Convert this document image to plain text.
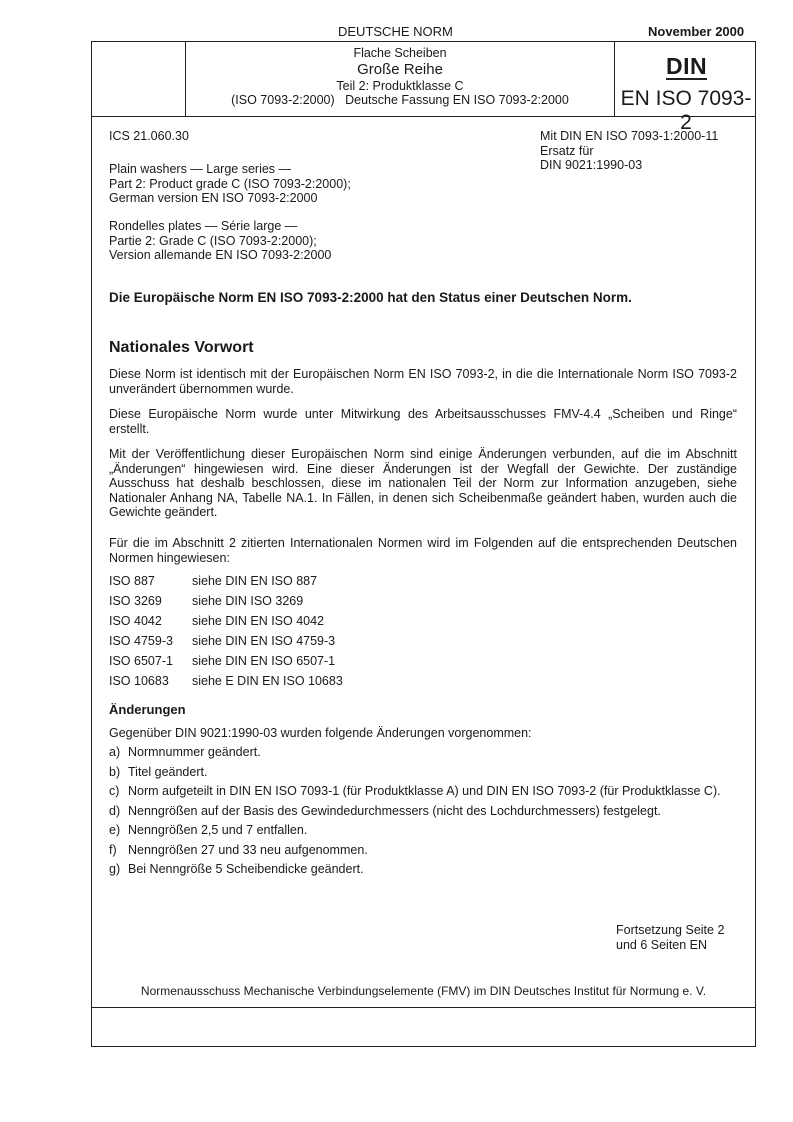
DEUTSCHE NORM	November 2000
Flache Scheiben
Große Reihe
Teil 2: Produktklasse C
(ISO 7093-2:2000)   Deutsche Fassung EN ISO 7093-2:2000
DIN
EN ISO 7093-2
ICS 21.060.30	Mit DIN EN ISO 7093-1:2000-11
Ersatz für
DIN 9021:1990-03
Plain washers — Large series —
Part 2: Product grade C (ISO 7093-2:2000);
German version EN ISO 7093-2:2000
Rondelles plates — Série large —
Partie 2: Grade C (ISO 7093-2:2000);
Version allemande EN ISO 7093-2:2000
Die Europäische Norm EN ISO 7093-2:2000 hat den Status einer Deutschen Norm.
Nationales Vorwort
Diese Norm ist identisch mit der Europäischen Norm EN ISO 7093-2, in die die Internationale Norm ISO 7093-2 unverändert übernommen wurde.
Diese Europäische Norm wurde unter Mitwirkung des Arbeitsausschusses FMV-4.4 „Scheiben und Ringe“ erstellt.
Mit der Veröffentlichung dieser Europäischen Norm sind einige Änderungen verbunden, auf die im Abschnitt „Änderungen“ hingewiesen wird. Eine dieser Änderungen ist der Wegfall der Gewichte. Der zuständige Ausschuss hat deshalb beschlossen, diese im nationalen Teil der Norm zur Information anzugeben, siehe Nationaler Anhang NA, Tabelle NA.1. In Fällen, in denen sich Scheibenmaße geändert haben, wurden auch die Gewichte geändert.
Für die im Abschnitt 2 zitierten Internationalen Normen wird im Folgenden auf die entsprechenden Deutschen Normen hingewiesen:
ISO 887	siehe DIN EN ISO 887
ISO 3269 siehe DIN ISO 3269
ISO 4042 siehe DIN EN ISO 4042
ISO 4759-3 siehe DIN EN ISO 4759-3
ISO 6507-1 siehe DIN EN ISO 6507-1
ISO 10683 siehe E DIN EN ISO 10683
Änderungen
Gegenüber DIN 9021:1990-03 wurden folgende Änderungen vorgenommen:
a) Normnummer geändert.
b) Titel geändert.
c) Norm aufgeteilt in DIN EN ISO 7093-1 (für Produktklasse A) und DIN EN ISO 7093-2 (für Produktklasse C).
d) Nenngrößen auf der Basis des Gewindedurchmessers (nicht des Lochdurchmessers) festgelegt.
e) Nenngrößen 2,5 und 7 entfallen.
f) Nenngrößen 27 und 33 neu aufgenommen.
g) Bei Nenngröße 5 Scheibendicke geändert.
Fortsetzung Seite 2
und 6 Seiten EN
Normenausschuss Mechanische Verbindungselemente (FMV) im DIN Deutsches Institut für Normung e. V.
